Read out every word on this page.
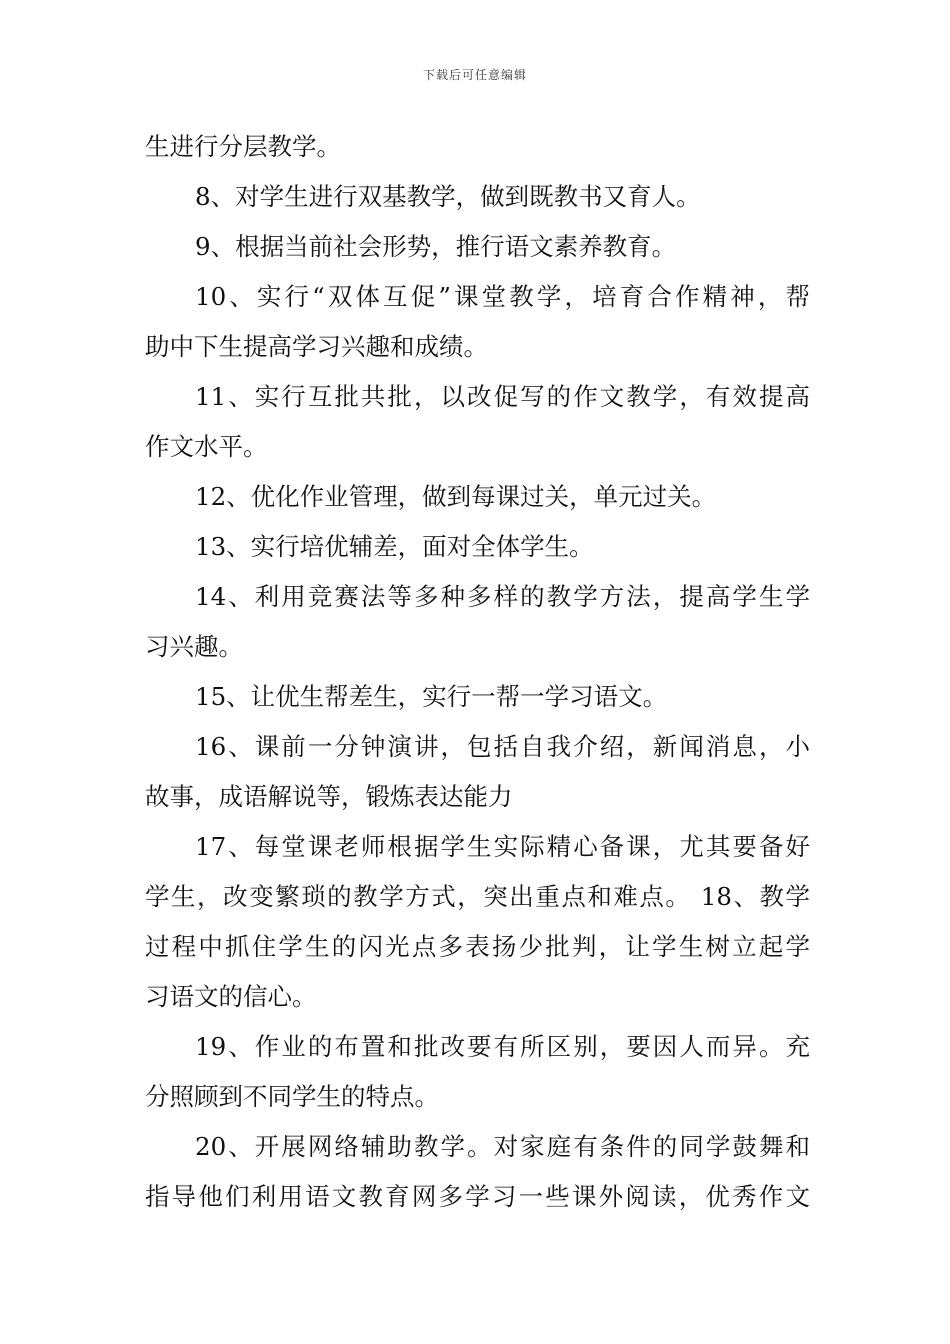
下载后可任意编辑
生进行分层教学。
8、对学生进行双基教学，做到既教书又育人。
9、根据当前社会形势，推行语文素养教育。
10、实行“双体互促”课堂教学，培育合作精神，帮
助中下生提高学习兴趣和成绩。
11、实行互批共批，以改促写的作文教学，有效提高
作文水平。
12、优化作业管理，做到每课过关，单元过关。
13、实行培优辅差，面对全体学生。
14、利用竞赛法等多种多样的教学方法，提高学生学
习兴趣。
15、让优生帮差生，实行一帮一学习语文。
16、课前一分钟演讲，包括自我介绍，新闻消息，小
故事，成语解说等，锻炼表达能力
17、每堂课老师根据学生实际精心备课，尤其要备好
学生，改变繁琐的教学方式，突出重点和难点。 18、教学
过程中抓住学生的闪光点多表扬少批判，让学生树立起学
习语文的信心。
19、作业的布置和批改要有所区别，要因人而异。充
分照顾到不同学生的特点。
20、开展网络辅助教学。对家庭有条件的同学鼓舞和
指导他们利用语文教育网多学习一些课外阅读，优秀作文
